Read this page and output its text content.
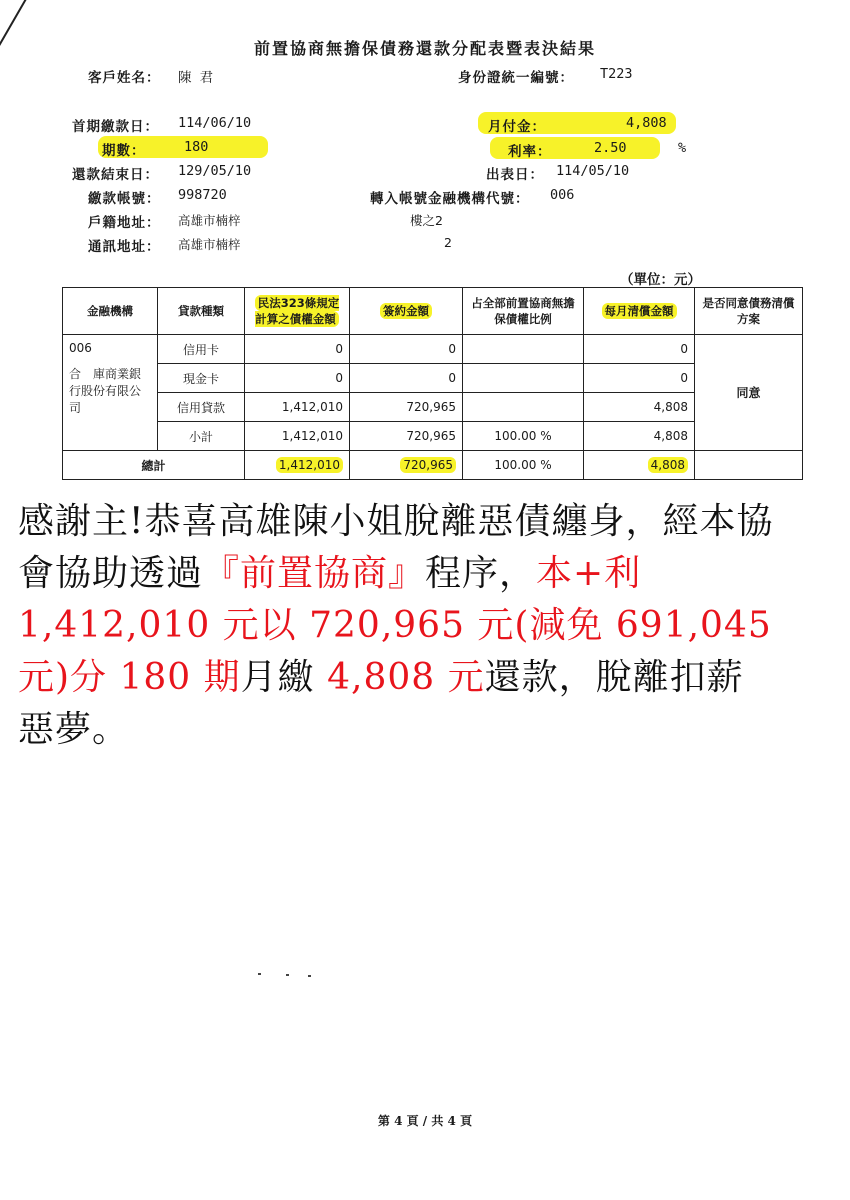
前置協商無擔保債務還款分配表暨表決結果
客戶姓名： 陳 君	身份證統一編號： T223
首期繳款日： 114/06/10	月付金：	4,808
期數：	180	利率：	2.50	%
還款結束日： 129/05/10	出表日： 114/05/10
繳款帳號： 998720	轉入帳號金融機構代號： 006
戶籍地址： 高雄市楠梓	樓之2
通訊地址： 高雄市楠梓	2
（單位：元）
金融機構	貸款種類	民法323條規定計算之債權金額	簽約金額	占全部前置協商無擔保債權比例	每月清償金額	是否同意債務清償方案

006
合　庫商業銀行股份有限公司	信用卡	0	0		0	同意
	現金卡	0	0		0	
	信用貸款	1,412,010	720,965		4,808	
	小計	1,412,010	720,965	100.00 %	4,808	
總計		1,412,010	720,965	100.00 %	4,808	
感謝主!恭喜高雄陳小姐脫離惡債纏身，經本協會協助透過『前置協商』程序，本+利 1,412,010 元以 720,965 元(減免 691,045 元)分 180 期月繳 4,808 元還款，脫離扣薪惡夢。
第 4 頁 / 共 4 頁
